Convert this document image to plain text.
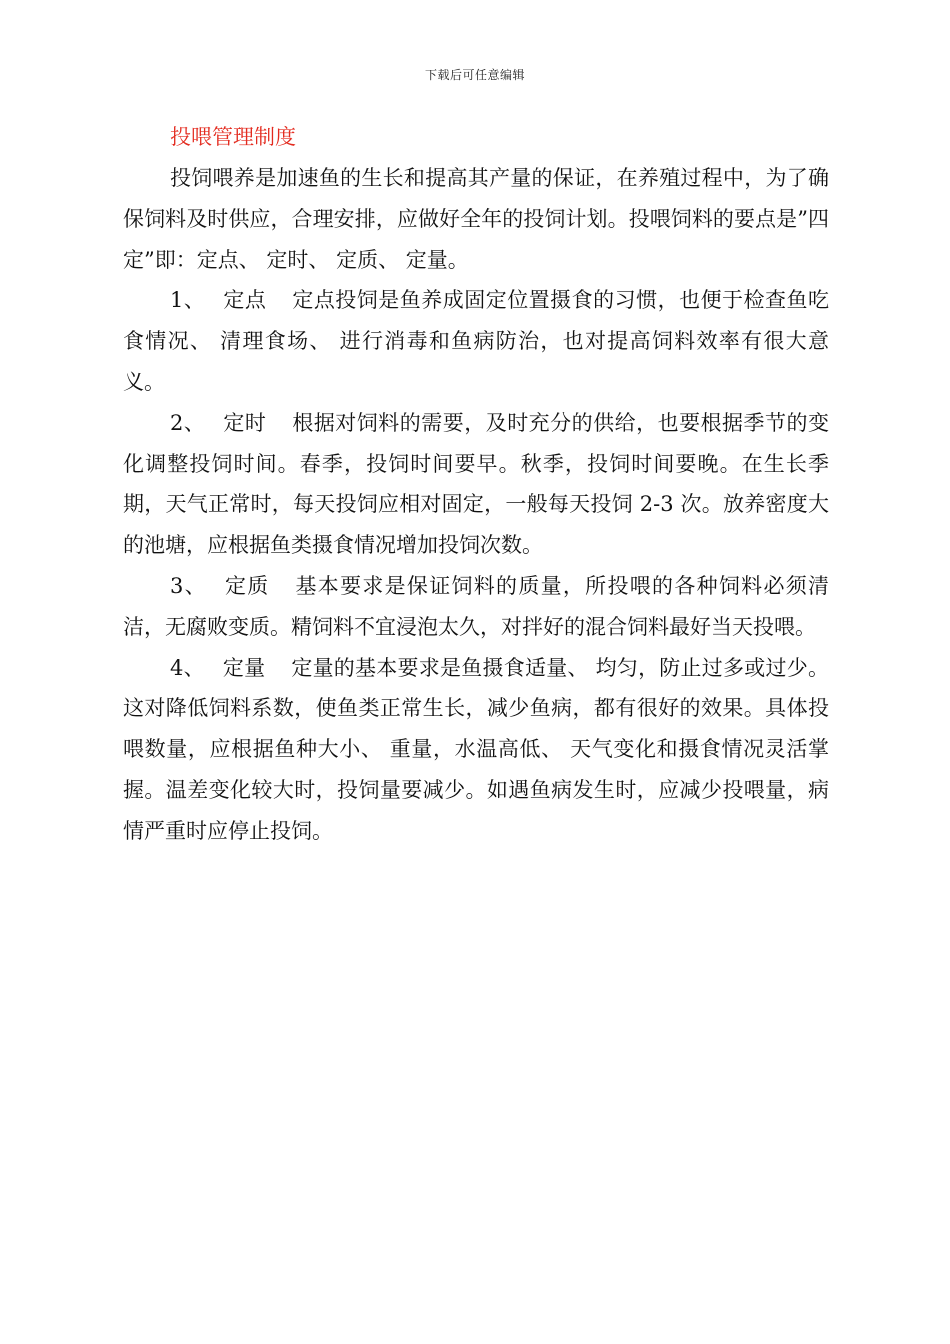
下载后可任意编辑
投喂管理制度

投饲喂养是加速鱼的生长和提高其产量的保证，在养殖过程中，为了确保饲料及时供应，合理安排，应做好全年的投饲计划。投喂饲料的要点是”四定”即：定点、 定时、 定质、 定量。

1、 定点 定点投饲是鱼养成固定位置摄食的习惯，也便于检查鱼吃食情况、 清理食场、 进行消毒和鱼病防治，也对提高饲料效率有很大意义。

2、 定时 根据对饲料的需要，及时充分的供给，也要根据季节的变化调整投饲时间。春季，投饲时间要早。秋季，投饲时间要晚。在生长季期，天气正常时，每天投饲应相对固定，一般每天投饲 2-3 次。放养密度大的池塘，应根据鱼类摄食情况增加投饲次数。

3、 定质 基本要求是保证饲料的质量，所投喂的各种饲料必须清洁，无腐败变质。精饲料不宜浸泡太久，对拌好的混合饲料最好当天投喂。

4、 定量 定量的基本要求是鱼摄食适量、 均匀，防止过多或过少。这对降低饲料系数，使鱼类正常生长，减少鱼病，都有很好的效果。具体投喂数量，应根据鱼种大小、 重量，水温高低、 天气变化和摄食情况灵活掌握。温差变化较大时，投饲量要减少。如遇鱼病发生时，应减少投喂量，病情严重时应停止投饲。
